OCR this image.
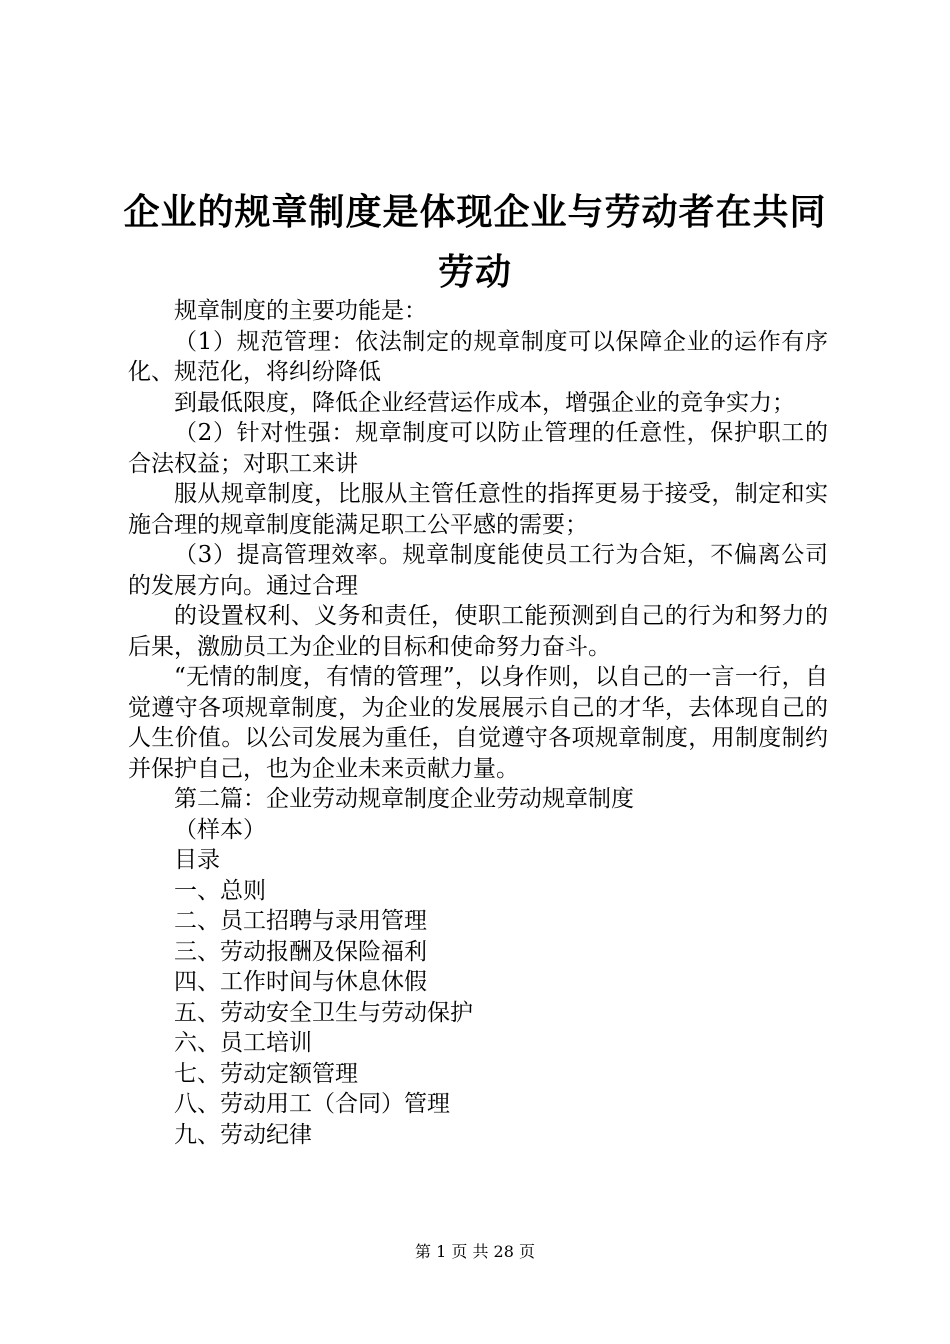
企业的规章制度是体现企业与劳动者在共同劳动

规章制度的主要功能是：

（1）规范管理：依法制定的规章制度可以保障企业的运作有序化、规范化，将纠纷降低

到最低限度，降低企业经营运作成本，增强企业的竞争实力；

（2）针对性强：规章制度可以防止管理的任意性，保护职工的合法权益；对职工来讲

服从规章制度，比服从主管任意性的指挥更易于接受，制定和实施合理的规章制度能满足职工公平感的需要；

（3）提高管理效率。规章制度能使员工行为合矩，不偏离公司的发展方向。通过合理

的设置权利、义务和责任，使职工能预测到自己的行为和努力的后果，激励员工为企业的目标和使命努力奋斗。

“无情的制度，有情的管理”，以身作则，以自己的一言一行，自觉遵守各项规章制度，为企业的发展展示自己的才华，去体现自己的人生价值。以公司发展为重任，自觉遵守各项规章制度，用制度制约并保护自己，也为企业未来贡献力量。

第二篇：企业劳动规章制度企业劳动规章制度

（样本）

目录

一、总则

二、员工招聘与录用管理

三、劳动报酬及保险福利

四、工作时间与休息休假

五、劳动安全卫生与劳动保护

六、员工培训

七、劳动定额管理

八、劳动用工（合同）管理

九、劳动纪律

第 1 页 共 28 页
